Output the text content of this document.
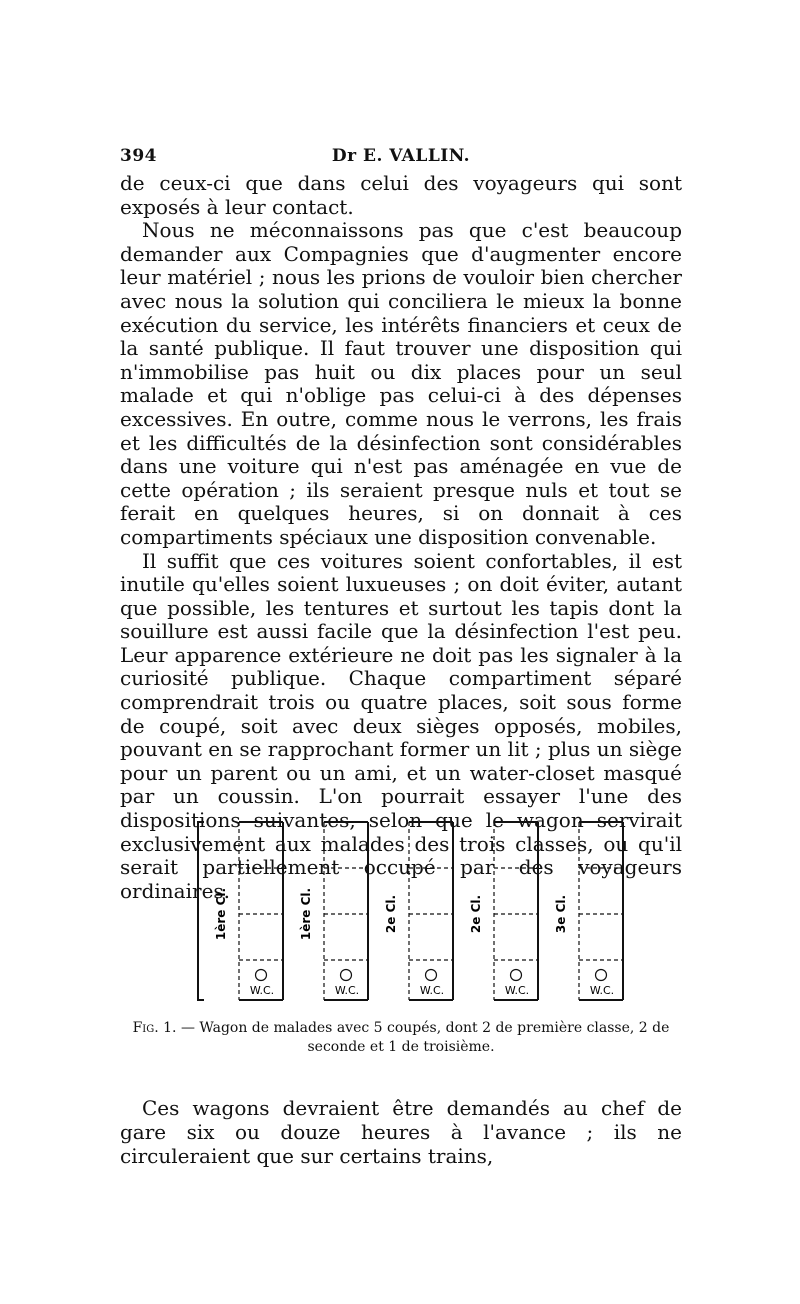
394	Dr E. VALLIN.

de ceux-ci que dans celui des voyageurs qui sont exposés à leur contact.

Nous ne méconnaissons pas que c'est beaucoup demander aux Compagnies que d'augmenter encore leur matériel ; nous les prions de vouloir bien chercher avec nous la solution qui conciliera le mieux la bonne exécution du service, les intérêts financiers et ceux de la santé publique. Il faut trouver une disposition qui n'immobilise pas huit ou dix places pour un seul malade et qui n'oblige pas celui-ci à des dépenses excessives. En outre, comme nous le verrons, les frais et les difficultés de la désinfection sont considérables dans une voiture qui n'est pas aménagée en vue de cette opération ; ils seraient presque nuls et tout se ferait en quelques heures, si on donnait à ces compartiments spéciaux une disposition convenable.

Il suffit que ces voitures soient confortables, il est inutile qu'elles soient luxueuses ; on doit éviter, autant que possible, les tentures et surtout les tapis dont la souillure est aussi facile que la désinfection l'est peu. Leur apparence extérieure ne doit pas les signaler à la curiosité publique. Chaque compartiment séparé comprendrait trois ou quatre places, soit sous forme de coupé, soit avec deux sièges opposés, mobiles, pouvant en se rapprochant former un lit ; plus un siège pour un parent ou un ami, et un water-closet masqué par un coussin. L'on pourrait essayer l'une des dispositions suivantes, selon que le wagon servirait exclusivement aux malades des trois classes, ou qu'il serait partiellement occupé par des voyageurs ordinaires.

W.C.
1ère Cl.
W.C.
1ère Cl.
W.C.
2e Cl.
W.C.
2e Cl.
W.C.
3e Cl.
Fig. 1. — Wagon de malades avec 5 coupés, dont 2 de première classe, 2 de seconde et 1 de troisième.

Ces wagons devraient être demandés au chef de gare six ou douze heures à l'avance ; ils ne circuleraient que sur certains trains,
